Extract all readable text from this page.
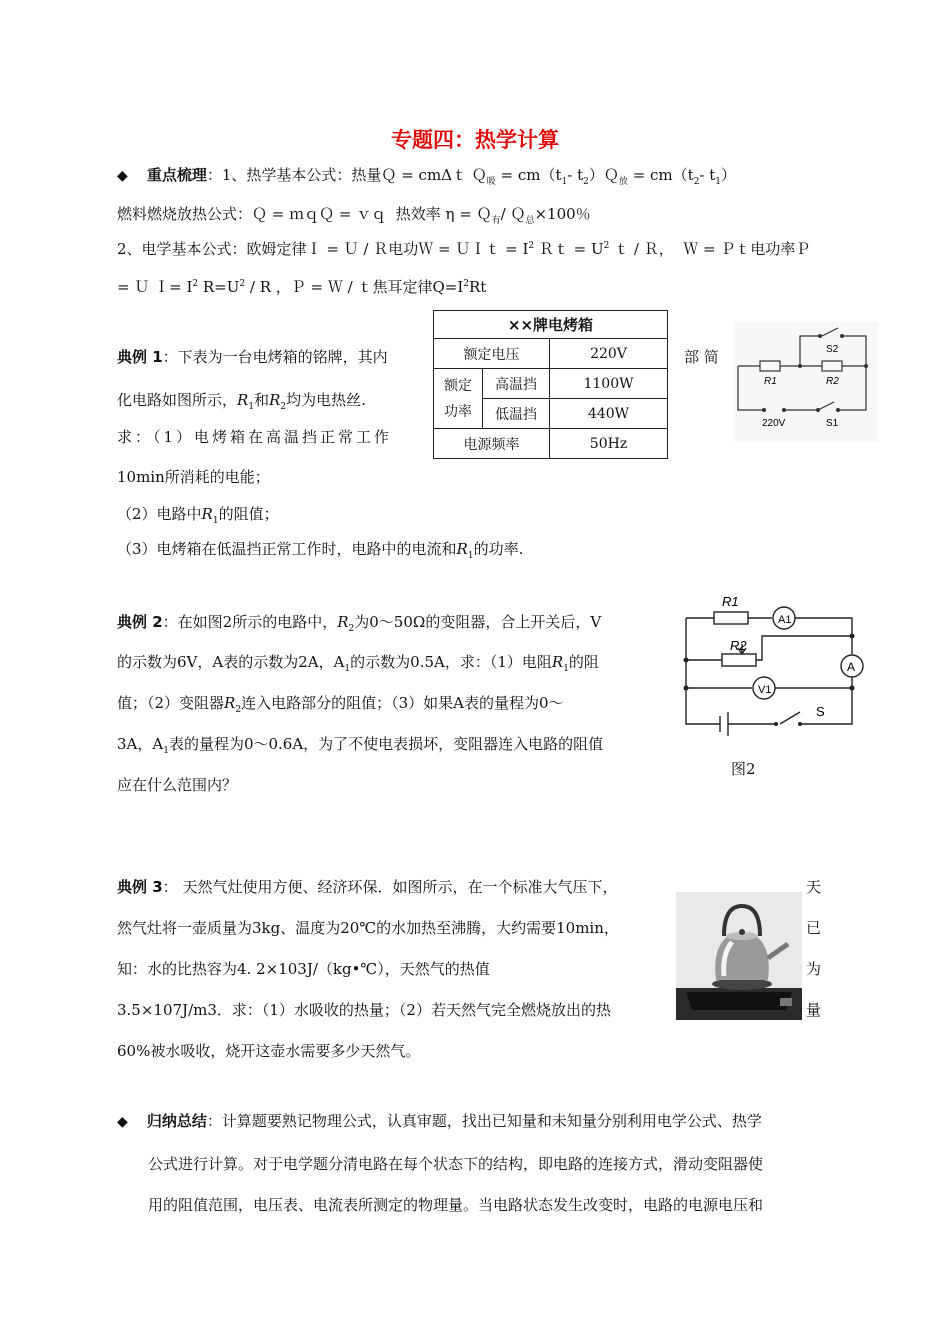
专题四：热学计算
◆ 重点梳理：1、热学基本公式：热量Ｑ = cmΔｔ Ｑ$_吸$ = $cm(t_1-$ $t_2)Q_放 = cm(t_2-$ $t_1$）
燃料燃烧放热公式：Ｑ = ｍｑＱ = ｖｑ  热效率 η = Ｑ$_有$/ Ｑ$_总$×100％
2、电学基本公式：欧姆定律Ｉ = Ｕ / Ｒ电功Ｗ = ＵＩｔ = $I^2$ Ｒｔ = $U^2$ ｔ / Ｒ，  Ｗ = Ｐｔ电功率Ｐ
= Ｕ Ｉ= $I^2$ $R=U^2 / R$ ，Ｐ = Ｗ / ｔ焦耳定律$Q=I^2Rt$
典例 1：下表为一台电烤箱的铭牌，其内	部 简
化电路如图所示，$R_1$和$R_2$均为电热丝.
求：（1）电烤箱在高温挡正常工作
10min所消耗的电能；
（2）电路中$R_1$的阻值；
（3）电烤箱在低温挡正常工作时，电路中的电流和$R_1$的功率.
××牌电烤箱		
额定电压		220V
额定
功率	高温挡	1100W
	低温挡	440W
电源频率		50Hz
S2
R1	R2
220V	S1
典例 2：在如图2所示的电路中，$R_2$为0～50Ω的变阻器，合上开关后，V
的示数为6V，A表的示数为2A，$A_1$的示数为0.5A，求：（1）电阻$R_1$的阻
值；（2）变阻器$R_2$连入电路部分的阻值；（3）如果A表的量程为0～
3A，$A_1$表的量程为0～0.6A，为了不使电表损坏，变阻器连入电路的阻值
应在什么范围内？
R1
R2
A1
A
V1
S
图2
典例 3： 天然气灶使用方便、经济环保．如图所示，在一个标准大气压下，	天
然气灶将一壶质量为3kg、温度为20℃的水加热至沸腾，大约需要10min，	已
知：水的比热容为4. 2×103J/（kg•℃），天然气的热值	为
3.5×107J/m3．求：（1）水吸收的热量；（2）若天然气完全燃烧放出的热	量
60%被水吸收，烧开这壶水需要多少天然气。
◆ 归纳总结：计算题要熟记物理公式，认真审题，找出已知量和未知量分别利用电学公式、热学
公式进行计算。对于电学题分清电路在每个状态下的结构，即电路的连接方式，滑动变阻器使
用的阻值范围，电压表、电流表所测定的物理量。当电路状态发生改变时，电路的电源电压和
